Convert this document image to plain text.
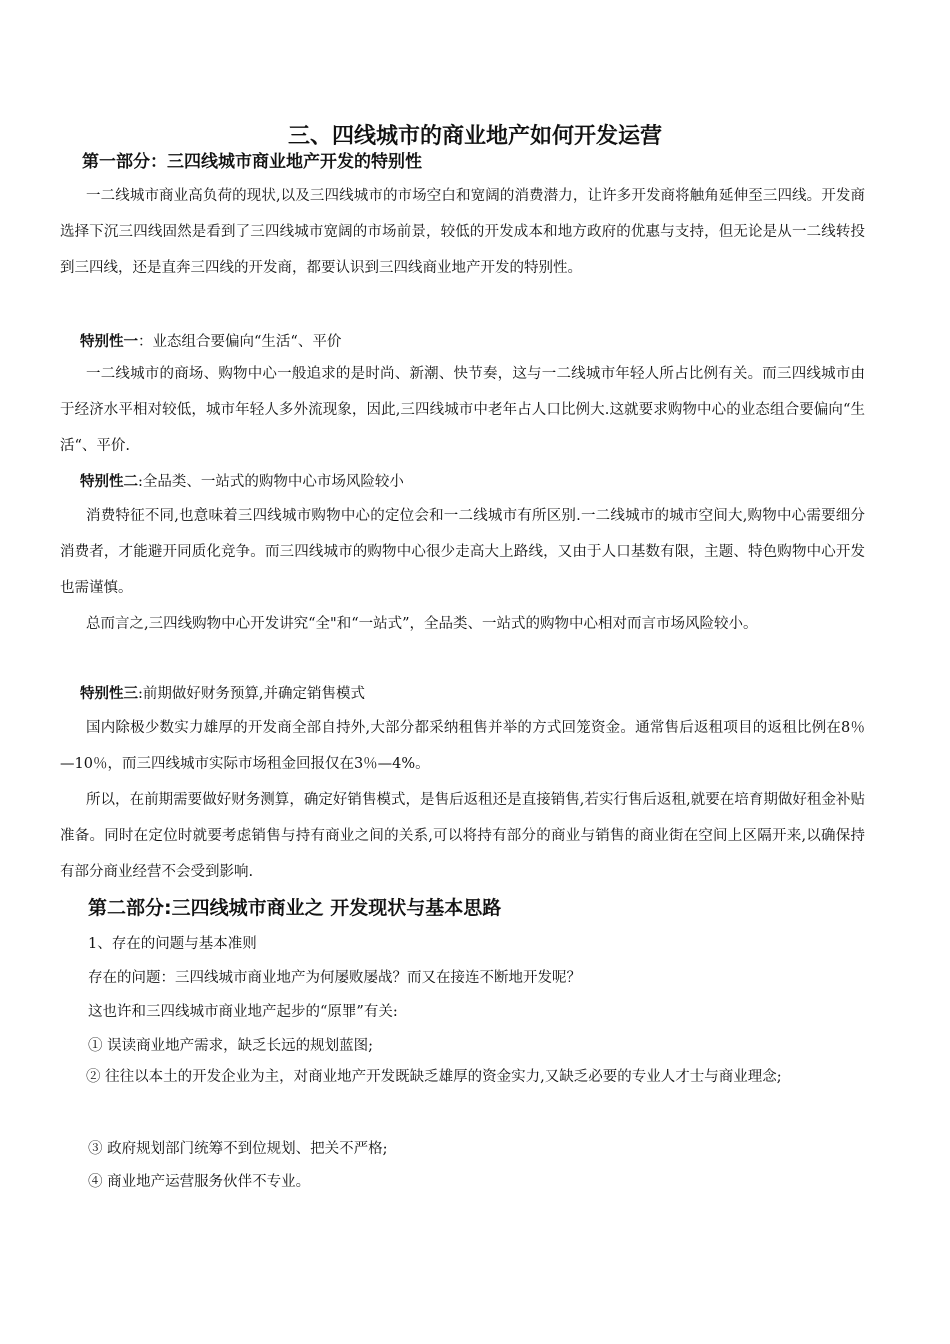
三、四线城市的商业地产如何开发运营
第一部分：三四线城市商业地产开发的特别性

一二线城市商业高负荷的现状,以及三四线城市的市场空白和宽阔的消费潜力，让许多开发商将触角延伸至三四线。开发商选择下沉三四线固然是看到了三四线城市宽阔的市场前景，较低的开发成本和地方政府的优惠与支持，但无论是从一二线转投到三四线，还是直奔三四线的开发商，都要认识到三四线商业地产开发的特别性。

特别性一：业态组合要偏向“生活“、平价

一二线城市的商场、购物中心一般追求的是时尚、新潮、快节奏，这与一二线城市年轻人所占比例有关。而三四线城市由于经济水平相对较低，城市年轻人多外流现象，因此,三四线城市中老年占人口比例大.这就要求购物中心的业态组合要偏向“生活“、平价.

特别性二:全品类、一站式的购物中心市场风险较小

消费特征不同,也意味着三四线城市购物中心的定位会和一二线城市有所区别.一二线城市的城市空间大,购物中心需要细分消费者，才能避开同质化竞争。而三四线城市的购物中心很少走高大上路线，又由于人口基数有限，主题、特色购物中心开发也需谨慎。

总而言之,三四线购物中心开发讲究“全"和“一站式”，全品类、一站式的购物中心相对而言市场风险较小。

特别性三:前期做好财务预算,并确定销售模式

国内除极少数实力雄厚的开发商全部自持外,大部分都采纳租售并举的方式回笼资金。通常售后返租项目的返租比例在8％—10％，而三四线城市实际市场租金回报仅在3％—4%。

所以，在前期需要做好财务测算，确定好销售模式，是售后返租还是直接销售,若实行售后返租,就要在培育期做好租金补贴准备。同时在定位时就要考虑销售与持有商业之间的关系,可以将持有部分的商业与销售的商业街在空间上区隔开来,以确保持有部分商业经营不会受到影响.

第二部分:三四线城市商业之 开发现状与基本思路

1、存在的问题与基本准则

存在的问题：三四线城市商业地产为何屡败屡战？而又在接连不断地开发呢？

这也许和三四线城市商业地产起步的“原罪”有关:

① 误读商业地产需求，缺乏长远的规划蓝图;

② 往往以本土的开发企业为主，对商业地产开发既缺乏雄厚的资金实力,又缺乏必要的专业人才士与商业理念;

③ 政府规划部门统筹不到位规划、把关不严格;

④ 商业地产运营服务伙伴不专业。
